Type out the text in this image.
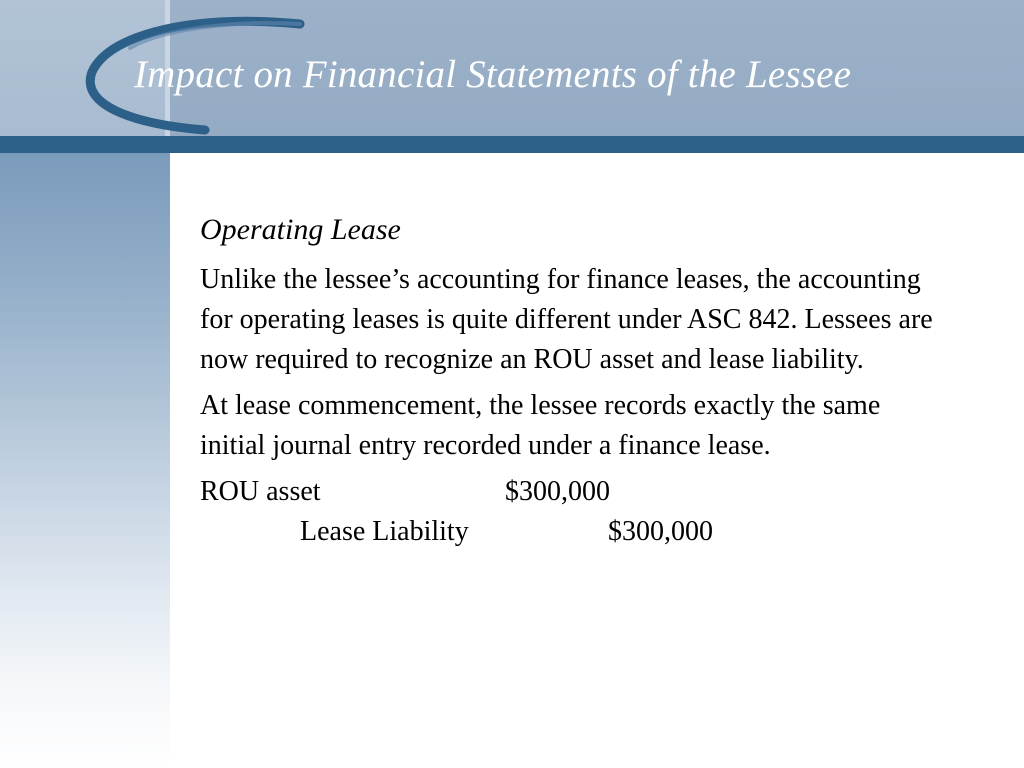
Impact on Financial Statements of the Lessee
Operating Lease

Unlike the lessee’s accounting for finance leases, the accounting for operating leases is quite different under ASC 842. Lessees are now required to recognize an ROU asset and lease liability.

At lease commencement, the lessee records exactly the same initial journal entry recorded under a finance lease.

ROU asset	$300,000
Lease Liability	$300,000
